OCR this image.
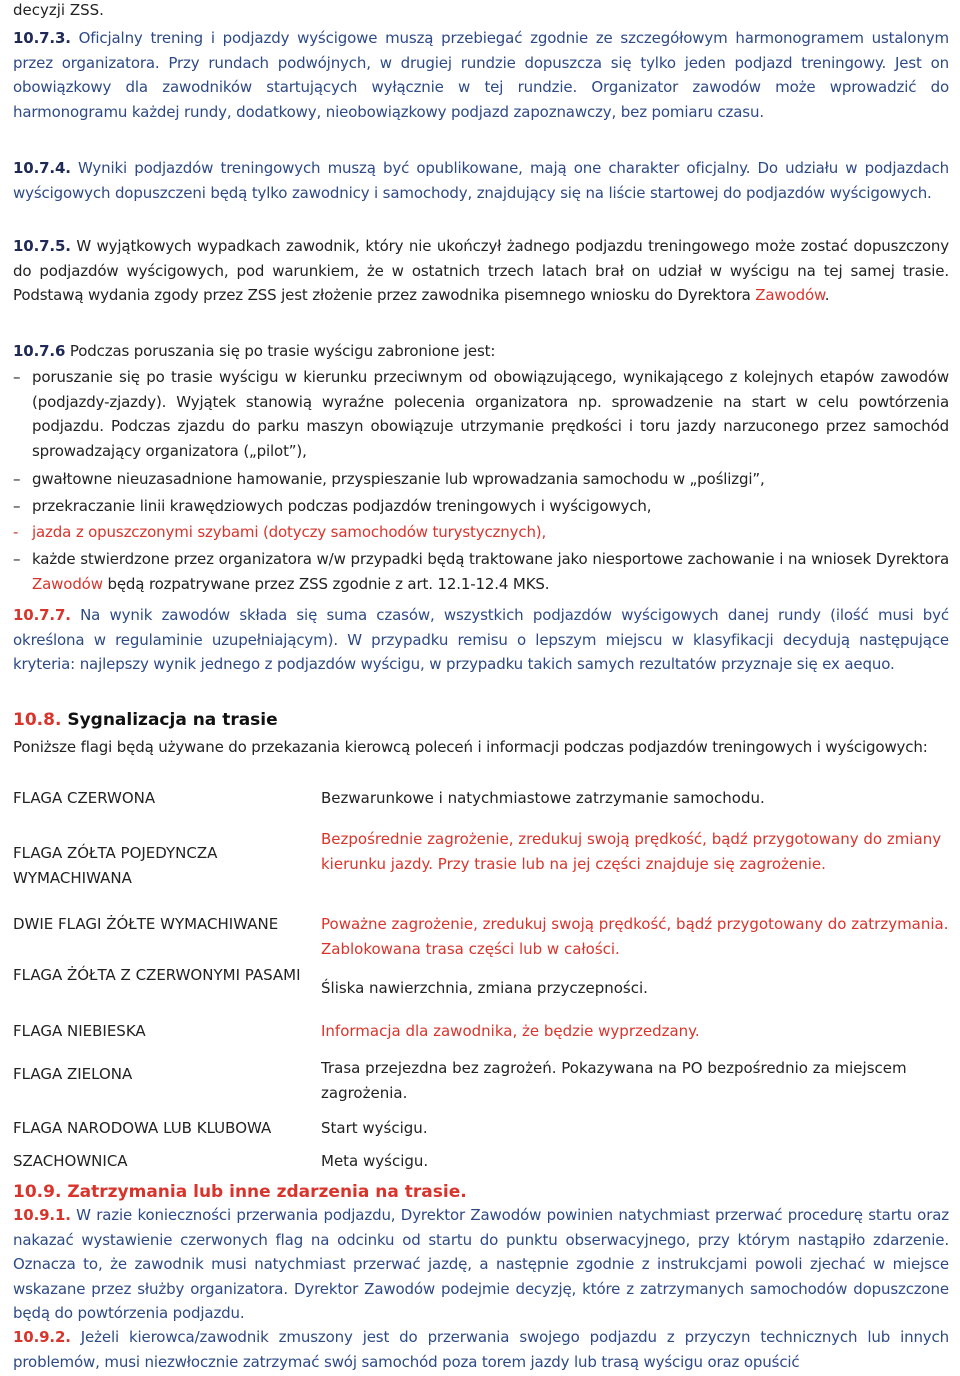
decyzji ZSS.
10.7.3. Oficjalny trening i podjazdy wyścigowe muszą przebiegać zgodnie ze szczegółowym harmonogramem ustalonym przez organizatora. Przy rundach podwójnych, w drugiej rundzie dopuszcza się tylko jeden podjazd treningowy. Jest on obowiązkowy dla zawodników startujących wyłącznie w tej rundzie. Organizator zawodów może wprowadzić do harmonogramu każdej rundy, dodatkowy, nieobowiązkowy podjazd zapoznawczy, bez pomiaru czasu.
10.7.4. Wyniki podjazdów treningowych muszą być opublikowane, mają one charakter oficjalny. Do udziału w podjazdach wyścigowych dopuszczeni będą tylko zawodnicy i samochody, znajdujący się na liście startowej do podjazdów wyścigowych.
10.7.5. W wyjątkowych wypadkach zawodnik, który nie ukończył żadnego podjazdu treningowego może zostać dopuszczony do podjazdów wyścigowych, pod warunkiem, że w ostatnich trzech latach brał on udział w wyścigu na tej samej trasie. Podstawą wydania zgody przez ZSS jest złożenie przez zawodnika pisemnego wniosku do Dyrektora Zawodów.
10.7.6 Podczas poruszania się po trasie wyścigu zabronione jest:
– poruszanie się po trasie wyścigu w kierunku przeciwnym od obowiązującego, wynikającego z kolejnych etapów zawodów (podjazdy-zjazdy). Wyjątek stanowią wyraźne polecenia organizatora np. sprowadzenie na start w celu powtórzenia podjazdu. Podczas zjazdu do parku maszyn obowiązuje utrzymanie prędkości i toru jazdy narzuconego przez samochód sprowadzający organizatora („pilot”),
– gwałtowne nieuzasadnione hamowanie, przyspieszanie lub wprowadzania samochodu w „poślizgi”,
– przekraczanie linii krawędziowych podczas podjazdów treningowych i wyścigowych,
- jazda z opuszczonymi szybami (dotyczy samochodów turystycznych),
– każde stwierdzone przez organizatora w/w przypadki będą traktowane jako niesportowe zachowanie i na wniosek Dyrektora Zawodów będą rozpatrywane przez ZSS zgodnie z art. 12.1-12.4 MKS.
10.7.7. Na wynik zawodów składa się suma czasów, wszystkich podjazdów wyścigowych danej rundy (ilość musi być określona w regulaminie uzupełniającym). W przypadku remisu o lepszym miejscu w klasyfikacji decydują następujące kryteria: najlepszy wynik jednego z podjazdów wyścigu, w przypadku takich samych rezultatów przyznaje się ex aequo.
10.8. Sygnalizacja na trasie
Poniższe flagi będą używane do przekazania kierowcą poleceń i informacji podczas podjazdów treningowych i wyścigowych:
FLAGA CZERWONA	Bezwarunkowe i natychmiastowe zatrzymanie samochodu.
FLAGA ZÓŁTA POJEDYNCZA WYMACHIWANA	Bezpośrednie zagrożenie, zredukuj swoją prędkość, bądź przygotowany do zmiany kierunku jazdy. Przy trasie lub na jej części znajduje się zagrożenie.
DWIE FLAGI ŻÓŁTE WYMACHIWANE	Poważne zagrożenie, zredukuj swoją prędkość, bądź przygotowany do zatrzymania. Zablokowana trasa części lub w całości.
FLAGA ŻÓŁTA Z CZERWONYMI PASAMI	Śliska nawierzchnia, zmiana przyczepności.
FLAGA NIEBIESKA	Informacja dla zawodnika, że będzie wyprzedzany.
FLAGA ZIELONA	Trasa przejezdna bez zagrożeń. Pokazywana na PO bezpośrednio za miejscem zagrożenia.
FLAGA NARODOWA LUB KLUBOWA	Start wyścigu.
SZACHOWNICA	Meta wyścigu.
10.9. Zatrzymania lub inne zdarzenia na trasie.
10.9.1. W razie konieczności przerwania podjazdu, Dyrektor Zawodów powinien natychmiast przerwać procedurę startu oraz nakazać wystawienie czerwonych flag na odcinku od startu do punktu obserwacyjnego, przy którym nastąpiło zdarzenie. Oznacza to, że zawodnik musi natychmiast przerwać jazdę, a następnie zgodnie z instrukcjami powoli zjechać w miejsce wskazane przez służby organizatora. Dyrektor Zawodów podejmie decyzję, które z zatrzymanych samochodów dopuszczone będą do powtórzenia podjazdu.
10.9.2. Jeżeli kierowca/zawodnik zmuszony jest do przerwania swojego podjazdu z przyczyn technicznych lub innych problemów, musi niezwłocznie zatrzymać swój samochód poza torem jazdy lub trasą wyścigu oraz opuścić
